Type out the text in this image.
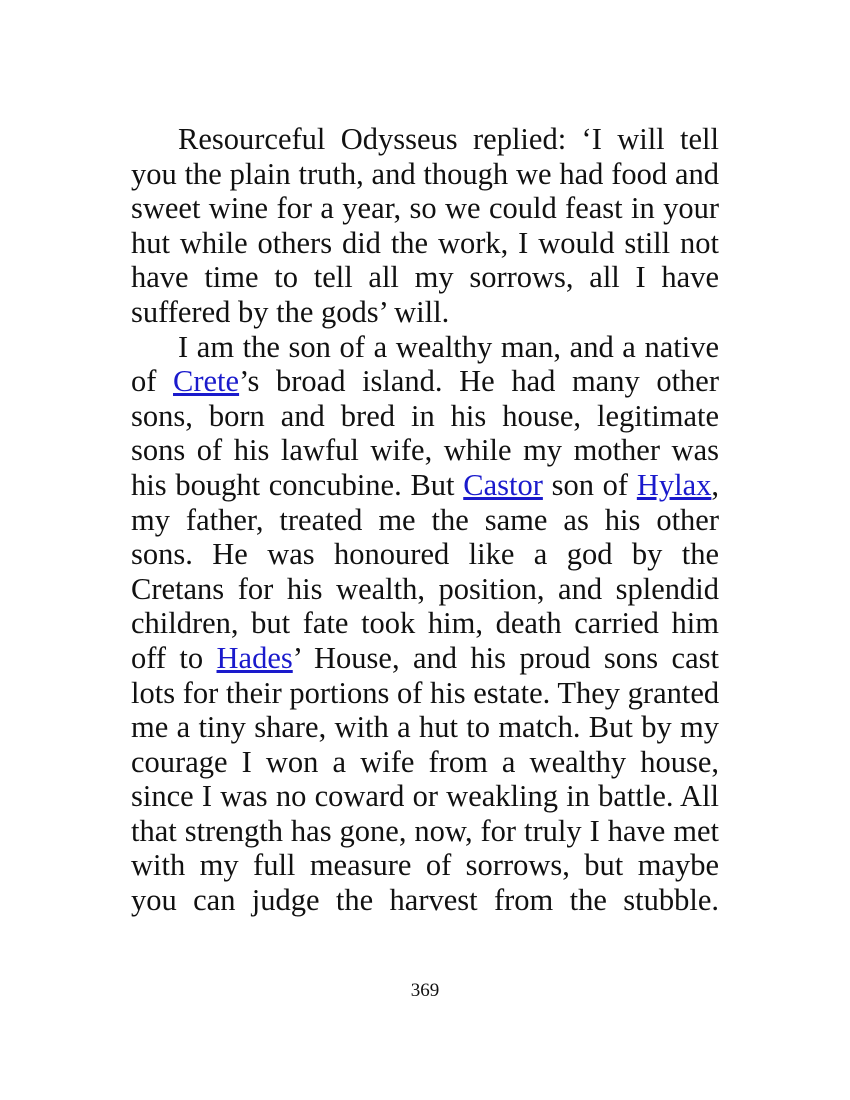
Resourceful Odysseus replied: ‘I will tell
you the plain truth, and though we had food and
sweet wine for a year, so we could feast in your
hut while others did the work, I would still not
have time to tell all my sorrows, all I have
suffered by the gods’ will.
I am the son of a wealthy man, and a native
of Crete’s broad island. He had many other
sons, born and bred in his house, legitimate
sons of his lawful wife, while my mother was
his bought concubine. But Castor son of Hylax,
my father, treated me the same as his other
sons. He was honoured like a god by the
Cretans for his wealth, position, and splendid
children, but fate took him, death carried him
off to Hades’ House, and his proud sons cast
lots for their portions of his estate. They granted
me a tiny share, with a hut to match. But by my
courage I won a wife from a wealthy house,
since I was no coward or weakling in battle. All
that strength has gone, now, for truly I have met
with my full measure of sorrows, but maybe
you can judge the harvest from the stubble.
369
